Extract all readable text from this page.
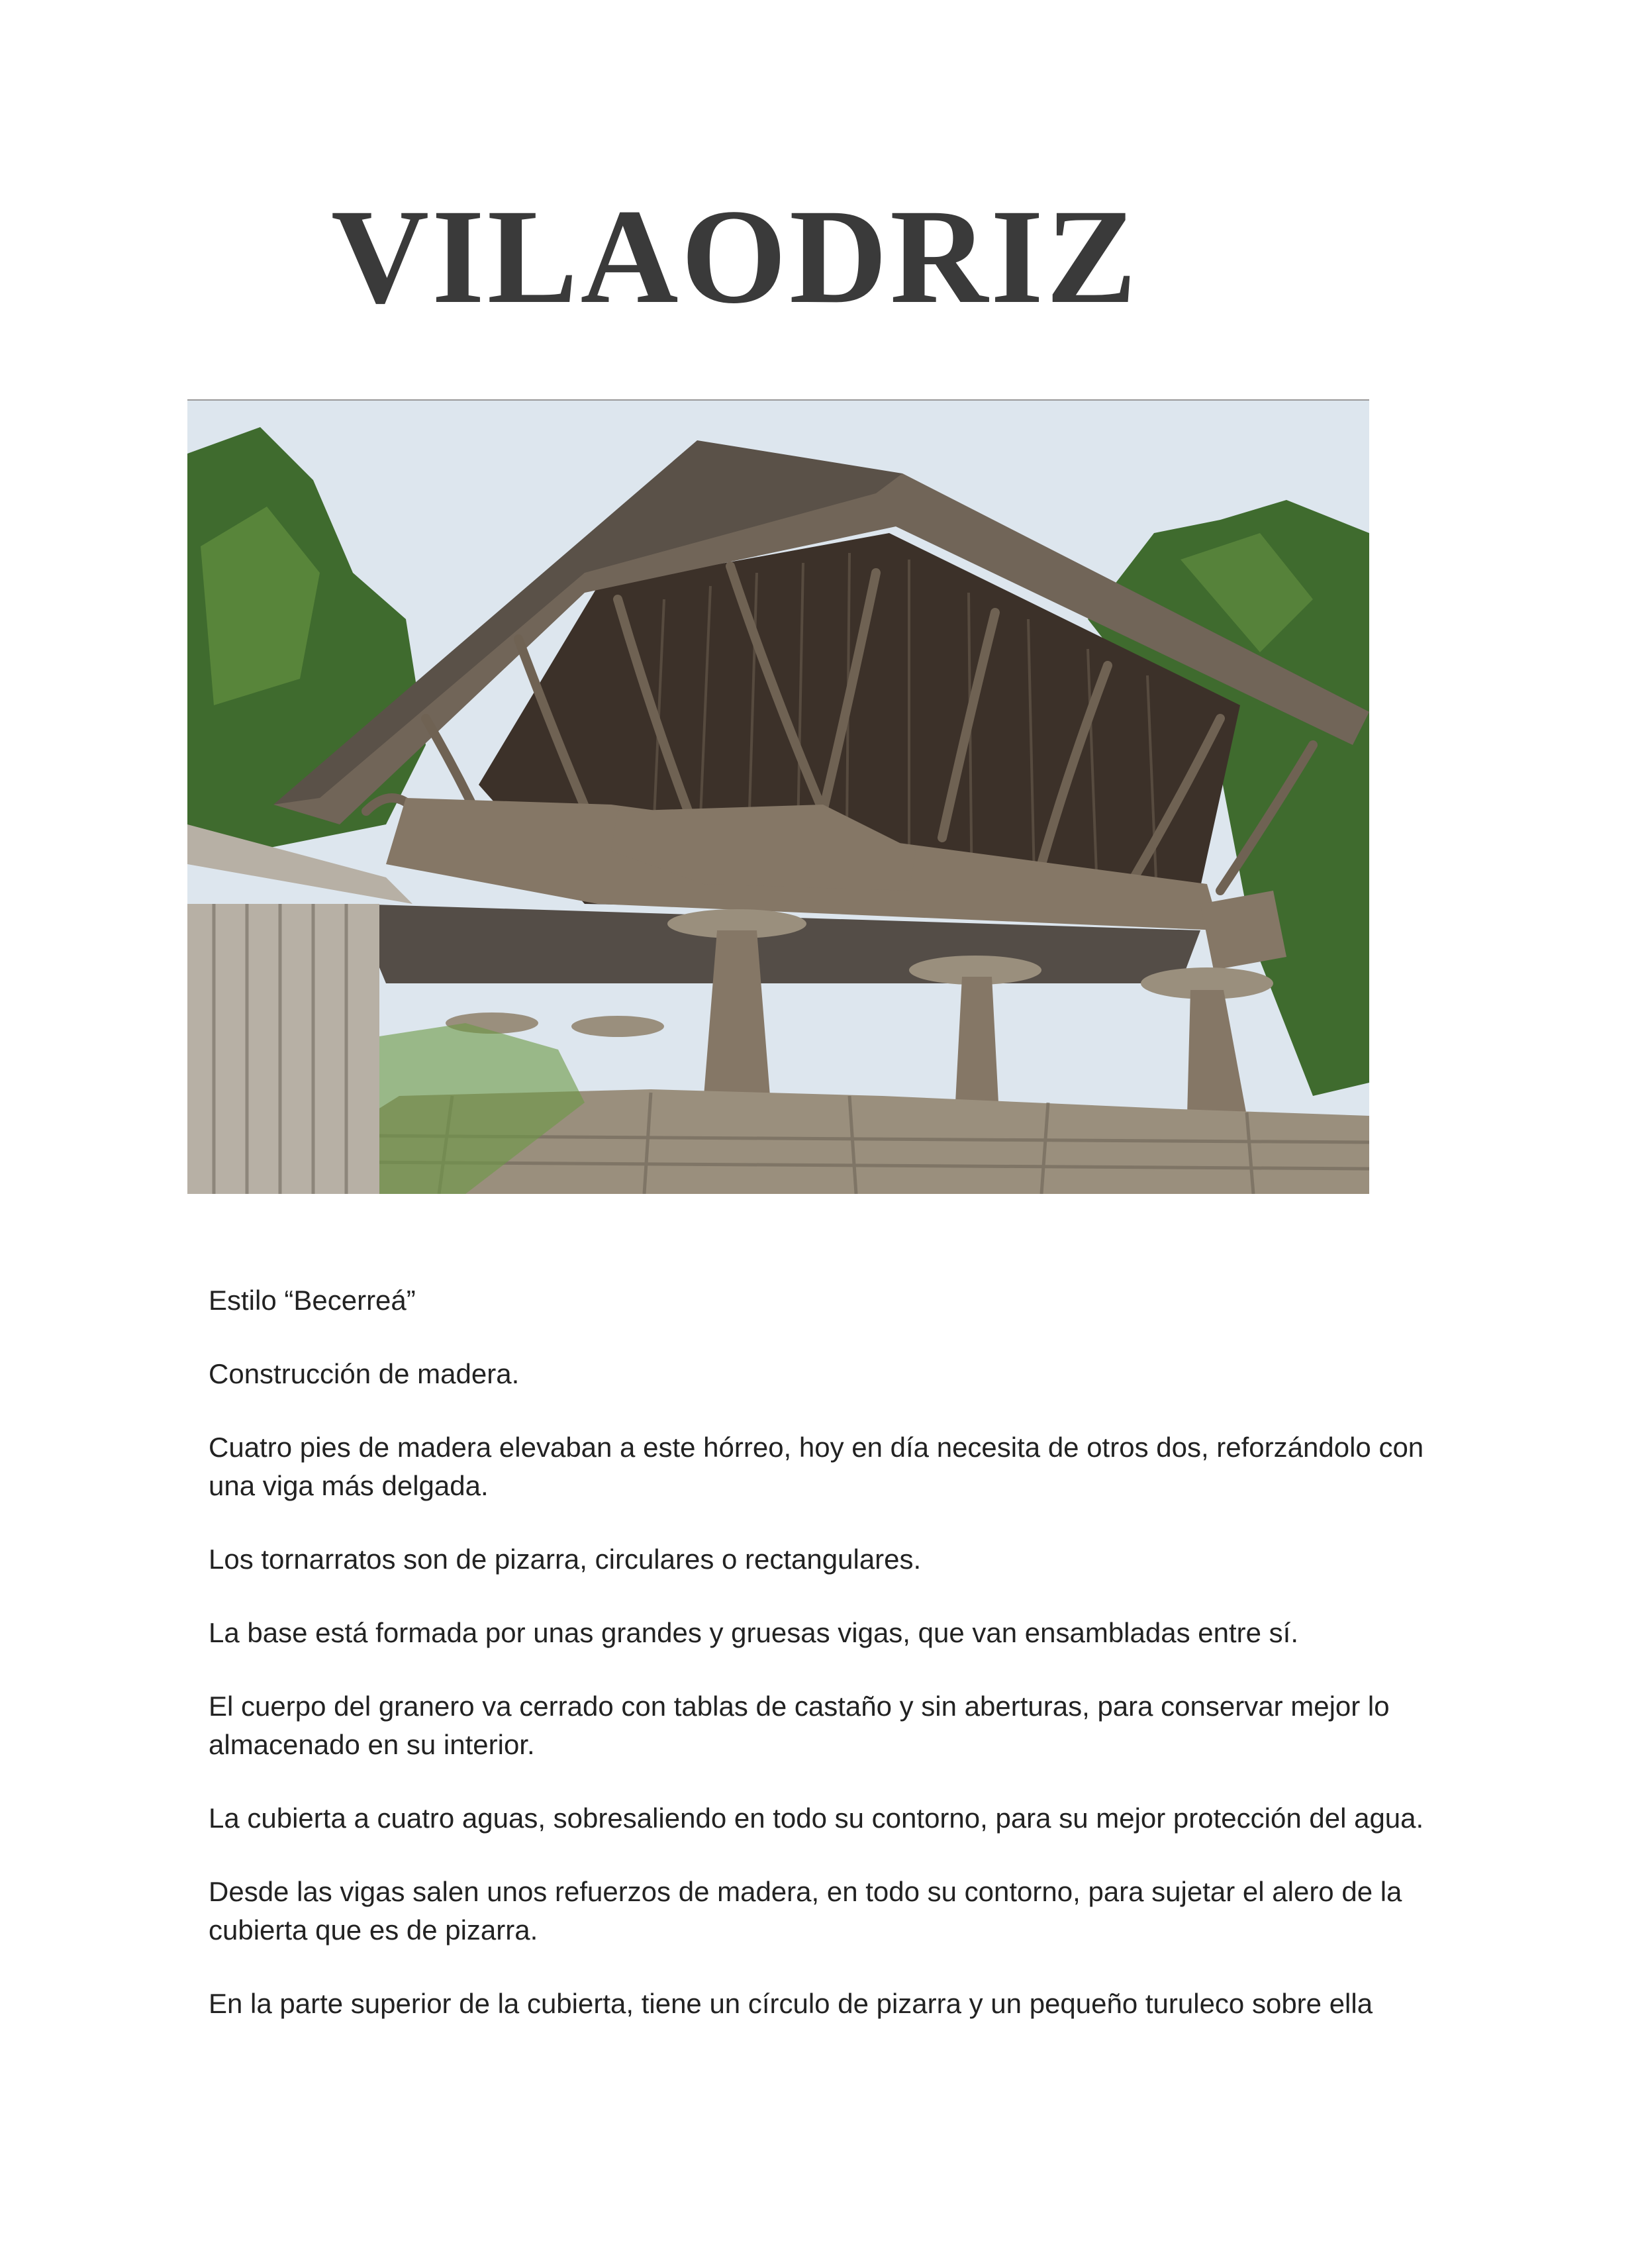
VILAODRIZ

Estilo “Becerreá”

Construcción de madera.

Cuatro pies de madera elevaban a este hórreo, hoy en día necesita de otros dos, reforzándolo con una viga más delgada.

Los tornarratos son de pizarra, circulares o rectangulares.

La base está formada por unas grandes y gruesas vigas, que van ensambladas entre sí.

El cuerpo del granero va cerrado con tablas de castaño y sin aberturas, para conservar mejor lo almacenado en su interior.

La cubierta a cuatro aguas, sobresaliendo en todo su contorno, para su mejor protección del agua.

Desde las vigas salen unos refuerzos de madera, en todo su contorno, para sujetar el alero de la cubierta que es de pizarra.

En la parte superior de la cubierta, tiene un círculo de pizarra y un pequeño turuleco sobre ella
